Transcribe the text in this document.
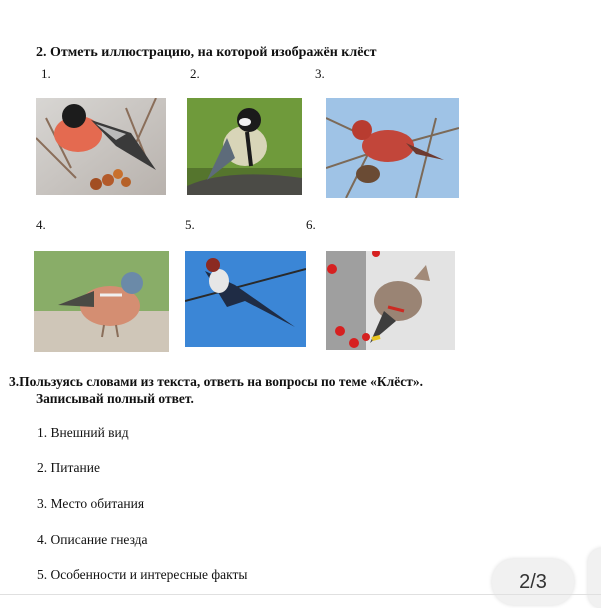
2. Отметь иллюстрацию, на которой изображён клёст
1.	2.	3.
4.	5.	6.
3.Пользуясь словами из текста, ответь на вопросы по теме «Клёст».
Записывай полный ответ.
1. Внешний вид
2. Питание
3. Место обитания
4. Описание гнезда
5. Особенности и интересные факты	2/3
